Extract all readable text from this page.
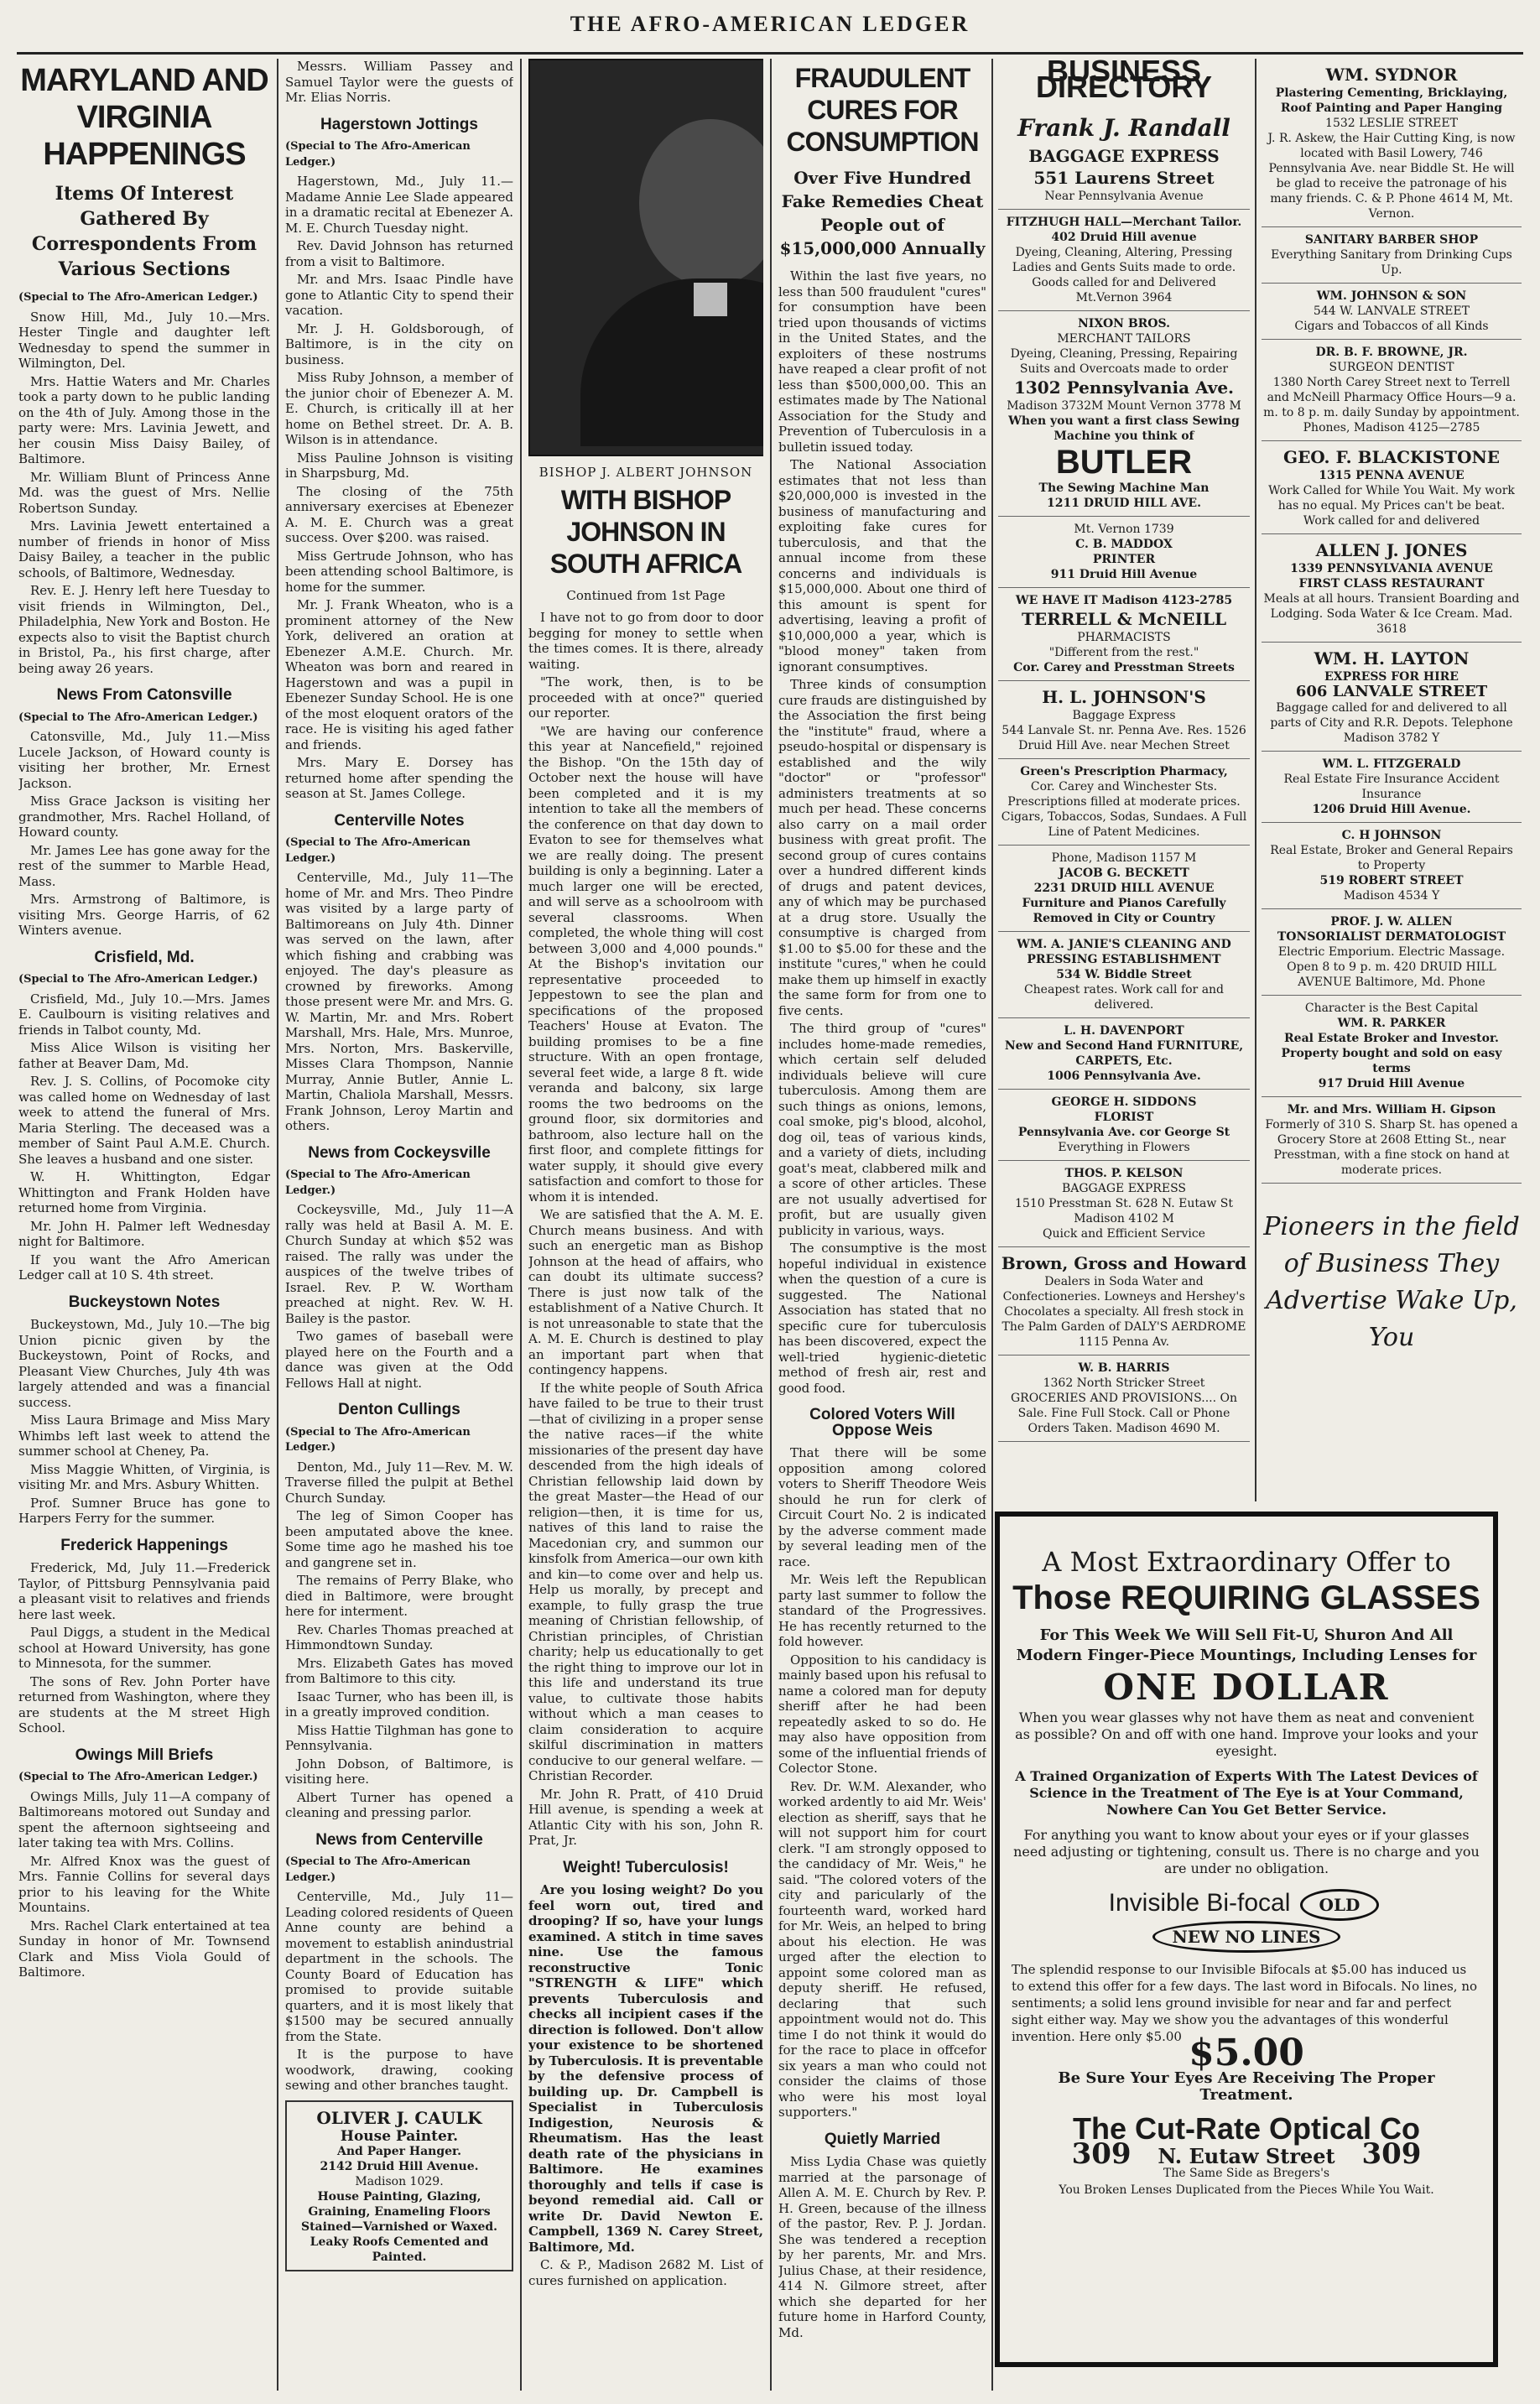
THE AFRO-AMERICAN LEDGER
MARYLAND AND VIRGINIA HAPPENINGS
Items Of Interest Gathered By Correspondents From Various Sections
(Special to The Afro-American Ledger.)

Snow Hill, Md., July 10.—Mrs. Hester Tingle and daughter left Wednesday to spend the summer in Wilmington, Del.

Mrs. Hattie Waters and Mr. Charles took a party down to he public landing on the 4th of July. Among those in the party were: Mrs. Lavinia Jewett, and her cousin Miss Daisy Bailey, of Baltimore.

Mr. William Blunt of Princess Anne Md. was the guest of Mrs. Nellie Robertson Sunday.

Mrs. Lavinia Jewett entertained a number of friends in honor of Miss Daisy Bailey, a teacher in the public schools, of Baltimore, Wednesday.

Rev. E. J. Henry left here Tuesday to visit friends in Wilmington, Del., Philadelphia, New York and Boston. He expects also to visit the Baptist church in Bristol, Pa., his first charge, after being away 26 years.

News From Catonsville
(Special to The Afro-American Ledger.)

Catonsville, Md., July 11.—Miss Lucele Jackson, of Howard county is visiting her brother, Mr. Ernest Jackson.

Miss Grace Jackson is visiting her grandmother, Mrs. Rachel Holland, of Howard county.

Mr. James Lee has gone away for the rest of the summer to Marble Head, Mass.

Mrs. Armstrong of Baltimore, is visiting Mrs. George Harris, of 62 Winters avenue.

Crisfield, Md.
(Special to The Afro-American Ledger.)

Crisfield, Md., July 10.—Mrs. James E. Caulbourn is visiting relatives and friends in Talbot county, Md.

Miss Alice Wilson is visiting her father at Beaver Dam, Md.

Rev. J. S. Collins, of Pocomoke city was called home on Wednesday of last week to attend the funeral of Mrs. Maria Sterling. The deceased was a member of Saint Paul A.M.E. Church. She leaves a husband and one sister.

W. H. Whittington, Edgar Whittington and Frank Holden have returned home from Virginia.

Mr. John H. Palmer left Wednesday night for Baltimore.

If you want the Afro American Ledger call at 10 S. 4th street.

Buckeystown Notes

Buckeystown, Md., July 10.—The big Union picnic given by the Buckeystown, Point of Rocks, and Pleasant View Churches, July 4th was largely attended and was a financial success.

Miss Laura Brimage and Miss Mary Whimbs left last week to attend the summer school at Cheney, Pa.

Miss Maggie Whitten, of Virginia, is visiting Mr. and Mrs. Asbury Whitten.

Prof. Sumner Bruce has gone to Harpers Ferry for the summer.

Frederick Happenings

Frederick, Md, July 11.—Frederick Taylor, of Pittsburg Pennsylvania paid a pleasant visit to relatives and friends here last week.

Paul Diggs, a student in the Medical school at Howard University, has gone to Minnesota, for the summer.

The sons of Rev. John Porter have returned from Washington, where they are students at the M street High School.

Owings Mill Briefs
(Special to The Afro-American Ledger.)

Owings Mills, July 11—A company of Baltimoreans motored out Sunday and spent the afternoon sightseeing and later taking tea with Mrs. Collins.

Mr. Alfred Knox was the guest of Mrs. Fannie Collins for several days prior to his leaving for the White Mountains.

Mrs. Rachel Clark entertained at tea Sunday in honor of Mr. Townsend Clark and Miss Viola Gould of Baltimore.

Messrs. William Passey and Samuel Taylor were the guests of Mr. Elias Norris.

Hagerstown Jottings
(Special to The Afro-American Ledger.)

Hagerstown, Md., July 11.—Madame Annie Lee Slade appeared in a dramatic recital at Ebenezer A. M. E. Church Tuesday night.

Rev. David Johnson has returned from a visit to Baltimore.

Mr. and Mrs. Isaac Pindle have gone to Atlantic City to spend their vacation.

Mr. J. H. Goldsborough, of Baltimore, is in the city on business.

Miss Ruby Johnson, a member of the junior choir of Ebenezer A. M. E. Church, is critically ill at her home on Bethel street. Dr. A. B. Wilson is in attendance.

Miss Pauline Johnson is visiting in Sharpsburg, Md.

The closing of the 75th anniversary exercises at Ebenezer A. M. E. Church was a great success. Over $200. was raised.

Miss Gertrude Johnson, who has been attending school Baltimore, is home for the summer.

Mr. J. Frank Wheaton, who is a prominent attorney of the New York, delivered an oration at Ebenezer A.M.E. Church. Mr. Wheaton was born and reared in Hagerstown and was a pupil in Ebenezer Sunday School. He is one of the most eloquent orators of the race. He is visiting his aged father and friends.

Mrs. Mary E. Dorsey has returned home after spending the season at St. James College.

Centerville Notes
(Special to The Afro-American Ledger.)

Centerville, Md., July 11—The home of Mr. and Mrs. Theo Pindre was visited by a large party of Baltimoreans on July 4th. Dinner was served on the lawn, after which fishing and crabbing was enjoyed. The day's pleasure as crowned by fireworks. Among those present were Mr. and Mrs. G. W. Martin, Mr. and Mrs. Robert Marshall, Mrs. Hale, Mrs. Munroe, Mrs. Norton, Mrs. Baskerville, Misses Clara Thompson, Nannie Murray, Annie Butler, Annie L. Martin, Chaliola Marshall, Messrs. Frank Johnson, Leroy Martin and others.

News from Cockeysville
(Special to The Afro-American Ledger.)

Cockeysville, Md., July 11—A rally was held at Basil A. M. E. Church Sunday at which $52 was raised. The rally was under the auspices of the twelve tribes of Israel. Rev. P. W. Wortham preached at night. Rev. W. H. Bailey is the pastor.

Two games of baseball were played here on the Fourth and a dance was given at the Odd Fellows Hall at night.

Denton Cullings
(Special to The Afro-American Ledger.)

Denton, Md., July 11—Rev. M. W. Traverse filled the pulpit at Bethel Church Sunday.

The leg of Simon Cooper has been amputated above the knee. Some time ago he mashed his toe and gangrene set in.

The remains of Perry Blake, who died in Baltimore, were brought here for interment.

Rev. Charles Thomas preached at Himmondtown Sunday.

Mrs. Elizabeth Gates has moved from Baltimore to this city.

Isaac Turner, who has been ill, is in a greatly improved condition.

Miss Hattie Tilghman has gone to Pennsylvania.

John Dobson, of Baltimore, is visiting here.

Albert Turner has opened a cleaning and pressing parlor.

News from Centerville
(Special to The Afro-American Ledger.)

Centerville, Md., July 11—Leading colored residents of Queen Anne county are behind a movement to establish anindustrial department in the schools. The County Board of Education has promised to provide suitable quarters, and it is most likely that $1500 may be secured annually from the State.

It is the purpose to have woodwork, drawing, cooking sewing and other branches taught.

OLIVER J. CAULK
House Painter.
And Paper Hanger.
2142 Druid Hill Avenue.
Madison 1029.
House Painting, Glazing, Graining, Enameling Floors Stained—Varnished or Waxed. Leaky Roofs Cemented and Painted.
BISHOP J. ALBERT JOHNSON
WITH BISHOP JOHNSON IN SOUTH AFRICA
Continued from 1st Page

I have not to go from door to door begging for money to settle when the times comes. It is there, already waiting.

"The work, then, is to be proceeded with at once?" queried our reporter.

"We are having our conference this year at Nancefield," rejoined the Bishop. "On the 15th day of October next the house will have been completed and it is my intention to take all the members of the conference on that day down to Evaton to see for themselves what we are really doing. The present building is only a beginning. Later a much larger one will be erected, and will serve as a schoolroom with several classrooms. When completed, the whole thing will cost between 3,000 and 4,000 pounds." At the Bishop's invitation our representative proceeded to Jeppestown to see the plan and specifications of the proposed Teachers' House at Evaton. The building promises to be a fine structure. With an open frontage, several feet wide, a large 8 ft. wide veranda and balcony, six large rooms the two bedrooms on the ground floor, six dormitories and bathroom, also lecture hall on the first floor, and complete fittings for water supply, it should give every satisfaction and comfort to those for whom it is intended.

We are satisfied that the A. M. E. Church means business. And with such an energetic man as Bishop Johnson at the head of affairs, who can doubt its ultimate success? There is just now talk of the establishment of a Native Church. It is not unreasonable to state that the A. M. E. Church is destined to play an important part when that contingency happens.

If the white people of South Africa have failed to be true to their trust—that of civilizing in a proper sense the native races—if the white missionaries of the present day have descended from the high ideals of Christian fellowship laid down by the great Master—the Head of our religion—then, it is time for us, natives of this land to raise the Macedonian cry, and summon our kinsfolk from America—our own kith and kin—to come over and help us. Help us morally, by precept and example, to fully grasp the true meaning of Christian fellowship, of Christian principles, of Christian charity; help us educationally to get the right thing to improve our lot in this life and understand its true value, to cultivate those habits without which a man ceases to claim consideration to acquire skilful discrimination in matters conducive to our general welfare. —Christian Recorder.

Mr. John R. Pratt, of 410 Druid Hill avenue, is spending a week at Atlantic City with his son, John R. Prat, Jr.

Weight! Tuberculosis!

Are you losing weight? Do you feel worn out, tired and drooping? If so, have your lungs examined. A stitch in time saves nine. Use the famous reconstructive Tonic "STRENGTH & LIFE" which prevents Tuberculosis and checks all incipient cases if the direction is followed. Don't allow your existence to be shortened by Tuberculosis. It is preventable by the defensive process of building up. Dr. Campbell is Specialist in Tuberculosis Indigestion, Neurosis & Rheumatism. Has the least death rate of the physicians in Baltimore. He examines thoroughly and tells if case is beyond remedial aid. Call or write Dr. David Newton E. Campbell, 1369 N. Carey Street, Baltimore, Md.

C. & P., Madison 2682 M. List of cures furnished on application.

FRAUDULENT CURES FOR CONSUMPTION
Over Five Hundred Fake Remedies Cheat People out of $15,000,000 Annually

Within the last five years, no less than 500 fraudulent "cures" for consumption have been tried upon thousands of victims in the United States, and the exploiters of these nostrums have reaped a clear profit of not less than $500,000,00. This an estimates made by The National Association for the Study and Prevention of Tuberculosis in a bulletin issued today.

The National Association estimates that not less than $20,000,000 is invested in the business of manufacturing and exploiting fake cures for tuberculosis, and that the annual income from these concerns and individuals is $15,000,000. About one third of this amount is spent for advertising, leaving a profit of $10,000,000 a year, which is "blood money" taken from ignorant consumptives.

Three kinds of consumption cure frauds are distinguished by the Association the first being the "institute" fraud, where a pseudo-hospital or dispensary is established and the wily "doctor" or "professor" administers treatments at so much per head. These concerns also carry on a mail order business with great profit. The second group of cures contains over a hundred different kinds of drugs and patent devices, any of which may be purchased at a drug store. Usually the consumptive is charged from $1.00 to $5.00 for these and the institute "cures," when he could make them up himself in exactly the same form for from one to five cents.

The third group of "cures" includes home-made remedies, which certain self deluded individuals believe will cure tuberculosis. Among them are such things as onions, lemons, coal smoke, pig's blood, alcohol, dog oil, teas of various kinds, and a variety of diets, including goat's meat, clabbered milk and a score of other articles. These are not usually advertised for profit, but are usually given publicity in various, ways.

The consumptive is the most hopeful individual in existence when the question of a cure is suggested. The National Association has stated that no specific cure for tuberculosis has been discovered, expect the well-tried hygienic-dietetic method of fresh air, rest and good food.

Colored Voters Will Oppose Weis

That there will be some opposition among colored voters to Sheriff Theodore Weis should he run for clerk of Circuit Court No. 2 is indicated by the adverse comment made by several leading men of the race.

Mr. Weis left the Republican party last summer to follow the standard of the Progressives. He has recently returned to the fold however.

Opposition to his candidacy is mainly based upon his refusal to name a colored man for deputy sheriff after he had been repeatedly asked to so do. He may also have opposition from some of the influential friends of Colector Stone.

Rev. Dr. W.M. Alexander, who worked ardently to aid Mr. Weis' election as sheriff, says that he will not support him for court clerk. "I am strongly opposed to the candidacy of Mr. Weis," he said. "The colored voters of the city and paricularly of the fourteenth ward, worked hard for Mr. Weis, an helped to bring about his election. He was urged after the election to appoint some colored man as deputy sheriff. He refused, declaring that such appointment would not do. This time I do not think it would do for the race to place in offcefor six years a man who could not consider the claims of those who were his most loyal supporters."

Quietly Married

Miss Lydia Chase was quietly married at the parsonage of Allen A. M. E. Church by Rev. P. H. Green, because of the illness of the pastor, Rev. P. J. Jordan. She was tendered a reception by her parents, Mr. and Mrs. Julius Chase, at their residence, 414 N. Gilmore street, after which she departed for her future home in Harford County, Md.

BUSINESS DIRECTORY
Frank J. Randall
BAGGAGE EXPRESS
551 Laurens Street
Near Pennsylvania Avenue
FITZHUGH HALL—Merchant Tailor.
402 Druid Hill avenue
Dyeing, Cleaning, Altering, Pressing Ladies and Gents Suits made to orde. Goods called for and Delivered Mt.Vernon 3964
NIXON BROS.
MERCHANT TAILORS
Dyeing, Cleaning, Pressing, Repairing Suits and Overcoats made to order
1302 Pennsylvania Ave.
Madison 3732M Mount Vernon 3778 M
When you want a first class Sewing Machine you think of
BUTLER
The Sewing Machine Man
1211 DRUID HILL AVE.
Mt. Vernon 1739
C. B. MADDOX
PRINTER
911 Druid Hill Avenue
WE HAVE IT Madison 4123-2785
TERRELL & McNEILL
PHARMACISTS
"Different from the rest."
Cor. Carey and Presstman Streets
H. L. JOHNSON'S
Baggage Express
544 Lanvale St. nr. Penna Ave. Res. 1526 Druid Hill Ave. near Mechen Street
Green's Prescription Pharmacy,
Cor. Carey and Winchester Sts. Prescriptions filled at moderate prices. Cigars, Tobaccos, Sodas, Sundaes. A Full Line of Patent Medicines.
Phone, Madison 1157 M
JACOB G. BECKETT
2231 DRUID HILL AVENUE
Furniture and Pianos Carefully Removed in City or Country
WM. A. JANIE'S CLEANING AND PRESSING ESTABLISHMENT
534 W. Biddle Street
Cheapest rates. Work call for and delivered.
L. H. DAVENPORT
New and Second Hand FURNITURE, CARPETS, Etc.
1006 Pennsylvania Ave.
GEORGE H. SIDDONS
FLORIST
Pennsylvania Ave. cor George St
Everything in Flowers
THOS. P. KELSON
BAGGAGE EXPRESS
1510 Presstman St. 628 N. Eutaw St
Madison 4102 M
Quick and Efficient Service
Brown, Gross and Howard
Dealers in Soda Water and Confectioneries. Lowneys and Hershey's Chocolates a specialty. All fresh stock in The Palm Garden of DALY'S AERDROME 1115 Penna Av.
W. B. HARRIS
1362 North Stricker Street
GROCERIES AND PROVISIONS.... On Sale. Fine Full Stock. Call or Phone Orders Taken. Madison 4690 M.
WM. SYDNOR
Plastering Cementing, Bricklaying, Roof Painting and Paper Hanging
1532 LESLIE STREET
J. R. Askew, the Hair Cutting King, is now located with Basil Lowery, 746 Pennsylvania Ave. near Biddle St. He will be glad to receive the patronage of his many friends. C. & P. Phone 4614 M, Mt. Vernon.
SANITARY BARBER SHOP
Everything Sanitary from Drinking Cups Up.
WM. JOHNSON & SON
544 W. LANVALE STREET
Cigars and Tobaccos of all Kinds
DR. B. F. BROWNE, JR.
SURGEON DENTIST
1380 North Carey Street next to Terrell and McNeill Pharmacy Office Hours—9 a. m. to 8 p. m. daily Sunday by appointment. Phones, Madison 4125—2785
GEO. F. BLACKISTONE
1315 PENNA AVENUE
Work Called for While You Wait. My work has no equal. My Prices can't be beat. Work called for and delivered
ALLEN J. JONES
1339 PENNSYLVANIA AVENUE
FIRST CLASS RESTAURANT
Meals at all hours. Transient Boarding and Lodging. Soda Water & Ice Cream. Mad. 3618
WM. H. LAYTON
EXPRESS FOR HIRE
606 LANVALE STREET
Baggage called for and delivered to all parts of City and R.R. Depots. Telephone Madison 3782 Y
WM. L. FITZGERALD
Real Estate Fire Insurance Accident Insurance
1206 Druid Hill Avenue.
C. H JOHNSON
Real Estate, Broker and General Repairs to Property
519 ROBERT STREET
Madison 4534 Y
PROF. J. W. ALLEN
TONSORIALIST DERMATOLOGIST
Electric Emporium. Electric Massage. Open 8 to 9 p. m. 420 DRUID HILL AVENUE Baltimore, Md. Phone
Character is the Best Capital
WM. R. PARKER
Real Estate Broker and Investor. Property bought and sold on easy terms
917 Druid Hill Avenue
Mr. and Mrs. William H. Gipson
Formerly of 310 S. Sharp St. has opened a Grocery Store at 2608 Etting St., near Presstman, with a fine stock on hand at moderate prices.
Pioneers in the field of Business They Advertise Wake Up, You
A Most Extraordinary Offer to
Those REQUIRING GLASSES
For This Week We Will Sell Fit-U, Shuron And All Modern Finger-Piece Mountings, Including Lenses for
ONE DOLLAR
When you wear glasses why not have them as neat and convenient as possible? On and off with one hand. Improve your looks and your eyesight.
A Trained Organization of Experts With The Latest Devices of Science in the Treatment of The Eye is at Your Command, Nowhere Can You Get Better Service.
For anything you want to know about your eyes or if your glasses need adjusting or tightening, consult us. There is no charge and you are under no obligation.
Invisible Bi-focal OLD NEW NO LINES
The splendid response to our Invisible Bifocals at $5.00 has induced us to extend this offer for a few days. The last word in Bifocals. No lines, no sentiments; a solid lens ground invisible for near and far and perfect sight either way. May we show you the advantages of this wonderful invention. Here only $5.00 $5.00
Be Sure Your Eyes Are Receiving The Proper Treatment.
The Cut-Rate Optical Co
309 N. Eutaw Street 309
The Same Side as Bregers's
You Broken Lenses Duplicated from the Pieces While You Wait.
